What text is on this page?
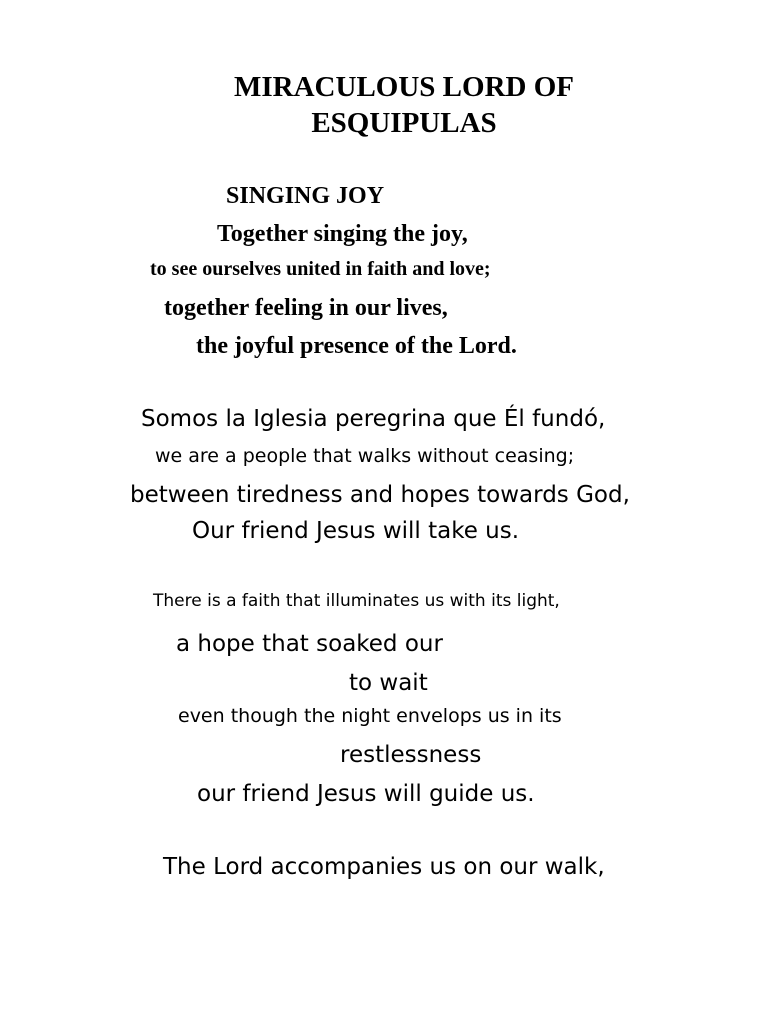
MIRACULOUS LORD OF
ESQUIPULAS
SINGING JOY
Together singing the joy,
to see ourselves united in faith and love;
together feeling in our lives,
the joyful presence of the Lord.
Somos la Iglesia peregrina que Él fundó,
we are a people that walks without ceasing;
between tiredness and hopes towards God,
Our friend Jesus will take us.
There is a faith that illuminates us with its light,
a hope that soaked our
to wait
even though the night envelops us in its
restlessness
our friend Jesus will guide us.
The Lord accompanies us on our walk,
